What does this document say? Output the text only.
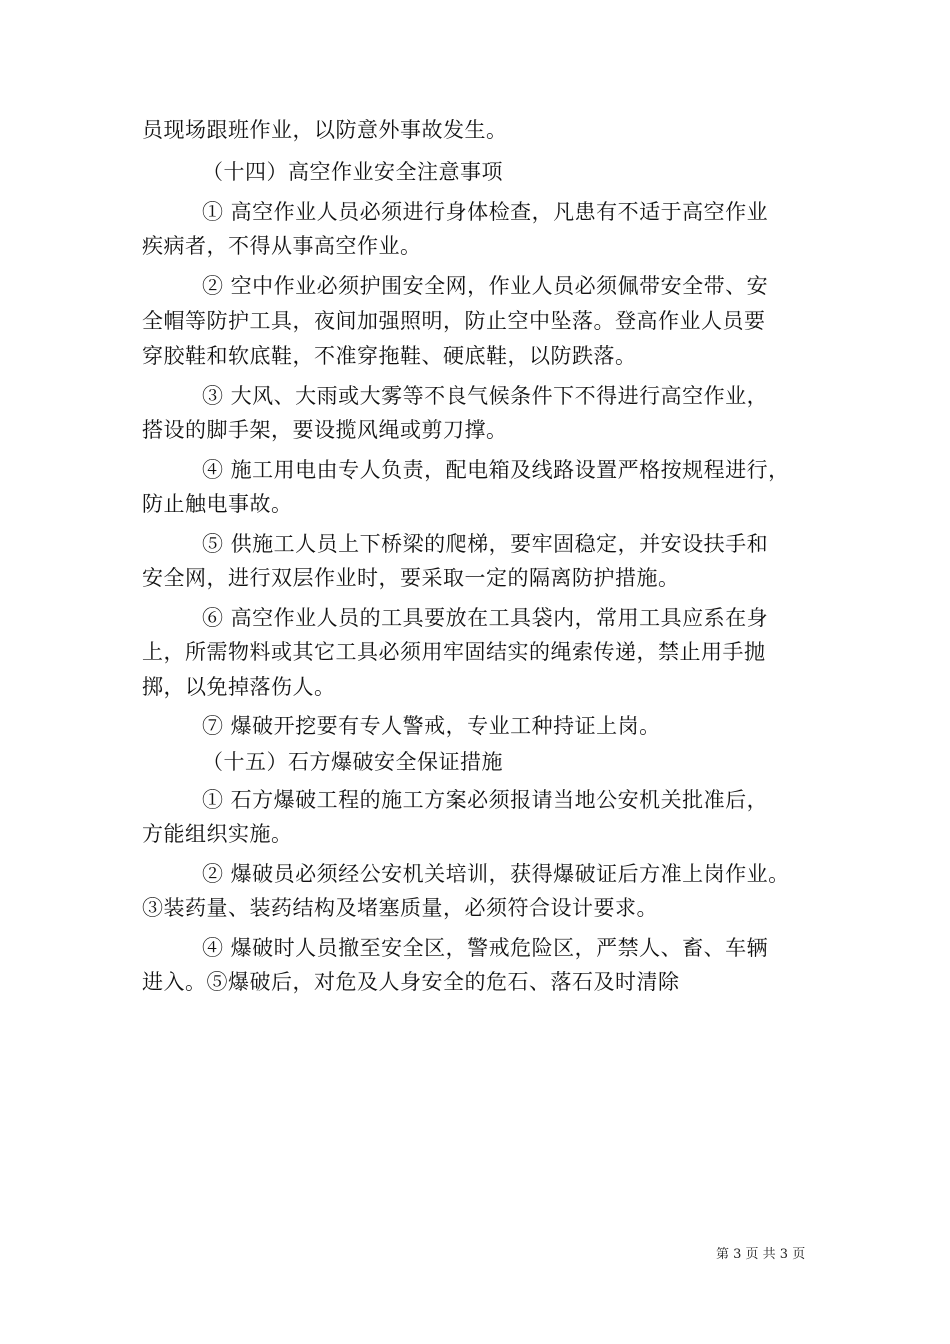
员现场跟班作业，以防意外事故发生。
（十四）高空作业安全注意事项
① 高空作业人员必须进行身体检查，凡患有不适于高空作业
疾病者，不得从事高空作业。
② 空中作业必须护围安全网，作业人员必须佩带安全带、安
全帽等防护工具，夜间加强照明，防止空中坠落。登高作业人员要
穿胶鞋和软底鞋，不准穿拖鞋、硬底鞋，以防跌落。
③ 大风、大雨或大雾等不良气候条件下不得进行高空作业，
搭设的脚手架，要设揽风绳或剪刀撑。
④ 施工用电由专人负责，配电箱及线路设置严格按规程进行，
防止触电事故。
⑤ 供施工人员上下桥梁的爬梯，要牢固稳定，并安设扶手和
安全网，进行双层作业时，要采取一定的隔离防护措施。
⑥ 高空作业人员的工具要放在工具袋内，常用工具应系在身
上，所需物料或其它工具必须用牢固结实的绳索传递，禁止用手抛
掷，以免掉落伤人。
⑦ 爆破开挖要有专人警戒，专业工种持证上岗。
（十五）石方爆破安全保证措施
① 石方爆破工程的施工方案必须报请当地公安机关批准后，
方能组织实施。
② 爆破员必须经公安机关培训，获得爆破证后方准上岗作业。
③装药量、装药结构及堵塞质量，必须符合设计要求。
④ 爆破时人员撤至安全区，警戒危险区，严禁人、畜、车辆
进入。⑤爆破后，对危及人身安全的危石、落石及时清除
第 3 页 共 3 页
